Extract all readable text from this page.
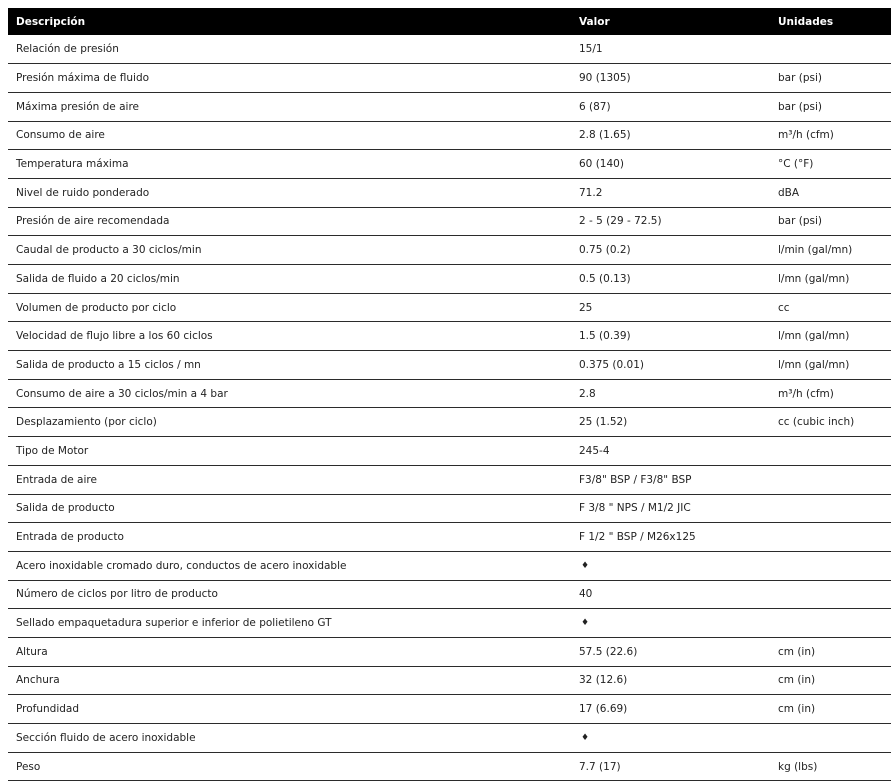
Descripción	Valor	Unidades
Relación de presión	15/1	
Presión máxima de fluido	90 (1305)	bar (psi)
Máxima presión de aire	6 (87)	bar (psi)
Consumo de aire	2.8 (1.65)	m³/h (cfm)
Temperatura máxima	60 (140)	°C (°F)
Nivel de ruido ponderado	71.2	dBA
Presión de aire recomendada	2 - 5 (29 - 72.5)	bar (psi)
Caudal de producto a 30 ciclos/min	0.75 (0.2)	l/min (gal/mn)
Salida de fluido a 20 ciclos/min	0.5 (0.13)	l/mn (gal/mn)
Volumen de producto por ciclo	25	cc
Velocidad de flujo libre a los 60 ciclos	1.5 (0.39)	l/mn (gal/mn)
Salida de producto a 15 ciclos / mn	0.375 (0.01)	l/mn (gal/mn)
Consumo de aire a 30 ciclos/min a 4 bar	2.8	m³/h (cfm)
Desplazamiento (por ciclo)	25 (1.52)	cc (cubic inch)
Tipo de Motor	245-4	
Entrada de aire	F3/8" BSP / F3/8" BSP	
Salida de producto	F 3/8 " NPS / M1/2 JIC	
Entrada de producto	F 1/2 " BSP / M26x125	
Acero inoxidable cromado duro, conductos de acero inoxidable	♦	
Número de ciclos por litro de producto	40	
Sellado empaquetadura superior e inferior de polietileno GT	♦	
Altura	57.5 (22.6)	cm (in)
Anchura	32 (12.6)	cm (in)
Profundidad	17 (6.69)	cm (in)
Sección fluido de acero inoxidable	♦	
Peso	7.7 (17)	kg (lbs)
